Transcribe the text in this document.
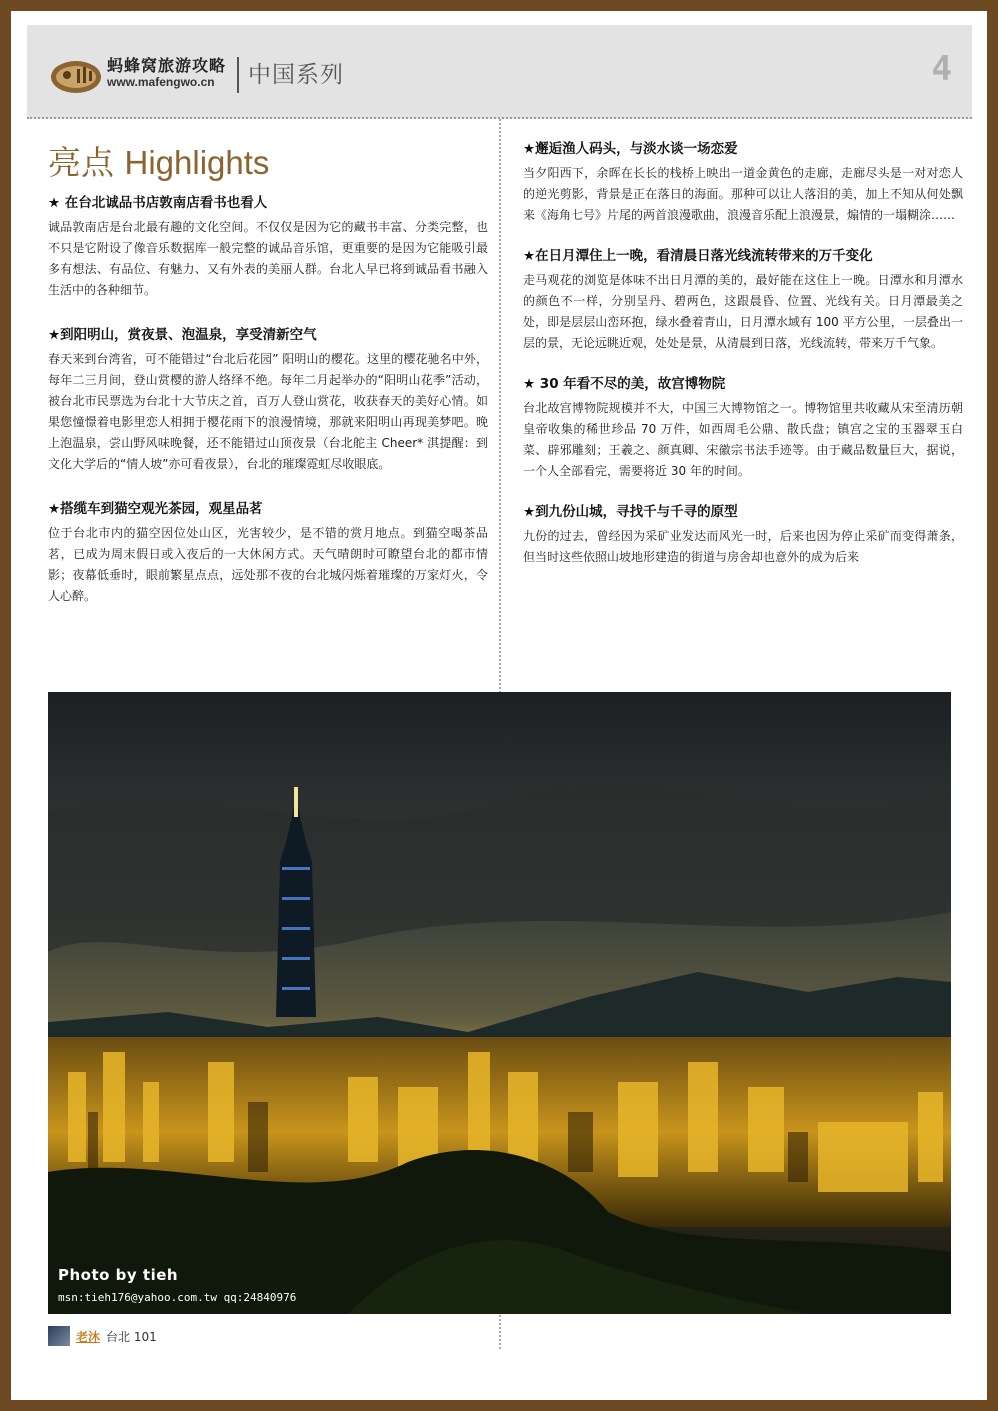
蚂蜂窝旅游攻略
www.mafengwo.cn 中国系列	4
亮点 Highlights
★ 在台北诚品书店敦南店看书也看人
诚品敦南店是台北最有趣的文化空间。不仅仅是因为它的藏书丰富、分类完整，也不只是它附设了像音乐数据库一般完整的诚品音乐馆，更重要的是因为它能吸引最多有想法、有品位、有魅力、又有外表的美丽人群。台北人早已将到诚品看书融入生活中的各种细节。
★到阳明山，赏夜景、泡温泉，享受清新空气
春天来到台湾省，可不能错过“台北后花园” 阳明山的樱花。这里的樱花驰名中外，每年二三月间，登山赏樱的游人络绎不绝。每年二月起举办的“阳明山花季”活动，被台北市民票选为台北十大节庆之首，百万人登山赏花，收获春天的美好心情。如果您憧憬着电影里恋人相拥于樱花雨下的浪漫情境，那就来阳明山再现美梦吧。晚上泡温泉，尝山野风味晚餐，还不能错过山顶夜景（台北舵主 Cheer* 淇提醒：到文化大学后的“情人坡”亦可看夜景），台北的璀璨霓虹尽收眼底。
★搭缆车到猫空观光茶园，观星品茗
位于台北市内的猫空因位处山区，光害较少，是不错的赏月地点。到猫空喝茶品茗，已成为周末假日或入夜后的一大休闲方式。天气晴朗时可瞭望台北的都市情影；夜幕低垂时，眼前繁星点点，远处那不夜的台北城闪烁着璀璨的万家灯火，令人心醉。
★邂逅渔人码头，与淡水谈一场恋爱
当夕阳西下，余晖在长长的栈桥上映出一道金黄色的走廊，走廊尽头是一对对恋人的逆光剪影，背景是正在落日的海面。那种可以让人落泪的美，加上不知从何处飘来《海角七号》片尾的两首浪漫歌曲，浪漫音乐配上浪漫景，煽情的一塌糊涂……
★在日月潭住上一晚，看清晨日落光线流转带来的万千变化
走马观花的浏览是体味不出日月潭的美的，最好能在这住上一晚。日潭水和月潭水的颜色不一样，分别呈丹、碧两色，这跟晨昏、位置、光线有关。日月潭最美之处，即是层层山峦环抱，绿水叠着青山，日月潭水域有 100 平方公里，一层叠出一层的景，无论远眺近观，处处是景，从清晨到日落，光线流转，带来万千气象。
★ 30 年看不尽的美，故宫博物院
台北故宫博物院规模并不大，中国三大博物馆之一。博物馆里共收藏从宋至清历朝皇帝收集的稀世珍品 70 万件，如西周毛公鼎、散氏盘；镇宫之宝的玉器翠玉白菜、辟邪雕刻；王羲之、颜真卿、宋徽宗书法手迹等。由于藏品数量巨大，据说，一个人全部看完，需要将近 30 年的时间。
★到九份山城，寻找千与千寻的原型
九份的过去，曾经因为采矿业发达而风光一时，后来也因为停止采矿而变得萧条，但当时这些依照山坡地形建造的街道与房舍却也意外的成为后来
Photo by tieh
msn:tieh176@yahoo.com.tw qq:24840976
老沐 台北 101
